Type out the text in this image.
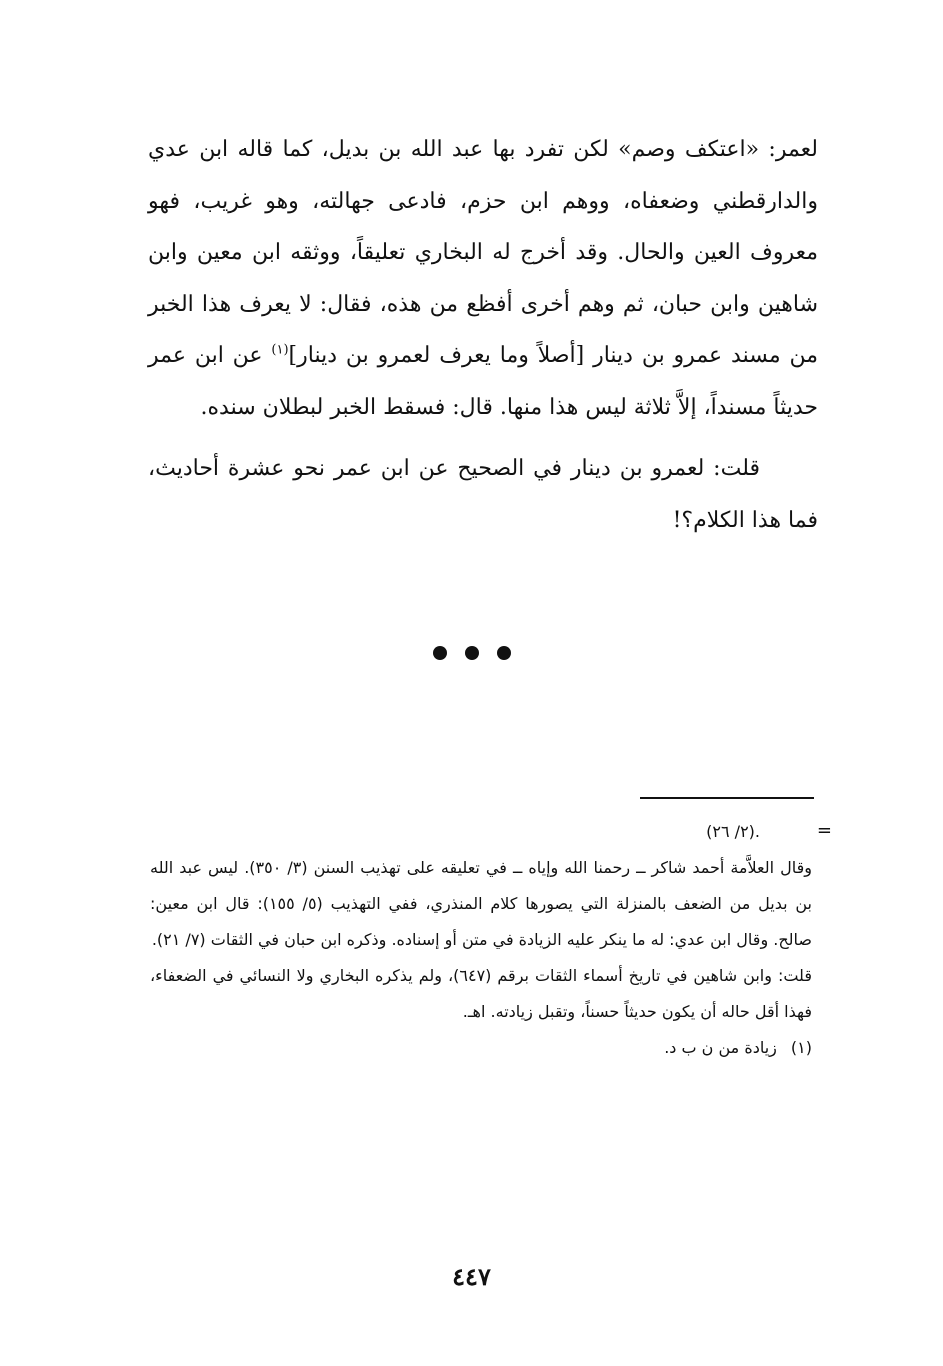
لعمر: «اعتكف وصم» لكن تفرد بها عبد الله بن بديل، كما قاله ابن عدي والدارقطني وضعفاه، ووهم ابن حزم، فادعى جهالته، وهو غريب، فهو معروف العين والحال. وقد أخرج له البخاري تعليقاً، ووثقه ابن معين وابن شاهين وابن حبان، ثم وهم أخرى أفظع من هذه، فقال: لا يعرف هذا الخبر من مسند عمرو بن دينار [أصلاً وما يعرف لعمرو بن دينار]$^{(١)}$ عن ابن عمر حديثاً مسنداً، إلاَّ ثلاثة ليس هذا منها. قال: فسقط الخبر لبطلان سنده.

قلت: لعمرو بن دينار في الصحيح عن ابن عمر نحو عشرة أحاديث، فما هذا الكلام؟!

=

.(٢/ ٢٦)

وقال العلاَّمة أحمد شاكر ــ رحمنا الله وإياه ــ في تعليقه على تهذيب السنن (٣/ ٣٥٠). ليس عبد الله بن بديل من الضعف بالمنزلة التي يصورها كلام المنذري، ففي التهذيب (٥/ ١٥٥): قال ابن معين: صالح. وقال ابن عدي: له ما ينكر عليه الزيادة في متن أو إسناده. وذكره ابن حبان في الثقات (٧/ ٢١).

قلت: وابن شاهين في تاريخ أسماء الثقات برقم (٦٤٧)، ولم يذكره البخاري ولا النسائي في الضعفاء، فهذا أقل حاله أن يكون حديثاً حسناً، وتقبل زيادته. اهـ.

(١)زيادة من ن ب د.

٤٤٧
